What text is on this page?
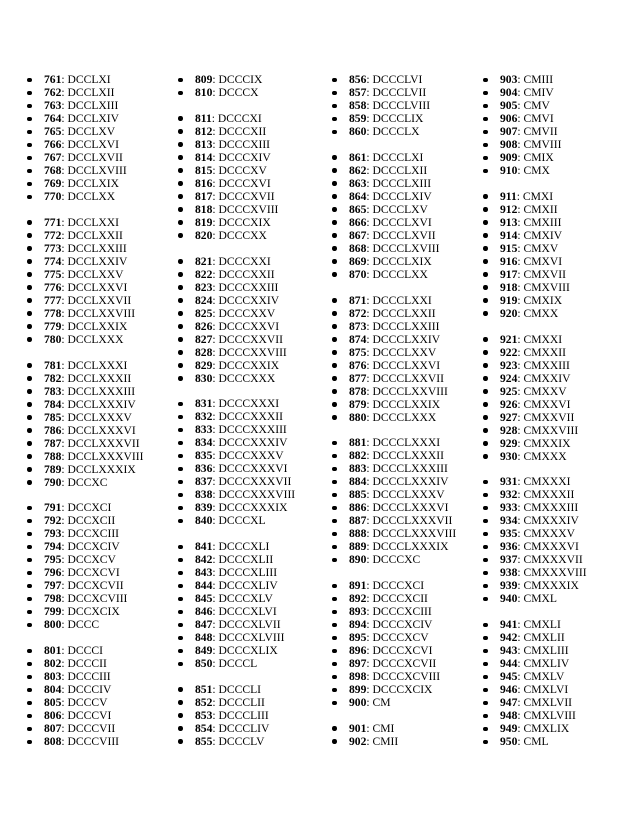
761: DCCLXI
762: DCCLXII
763: DCCLXIII
764: DCCLXIV
765: DCCLXV
766: DCCLXVI
767: DCCLXVII
768: DCCLXVIII
769: DCCLXIX
770: DCCLXX
771: DCCLXXI
772: DCCLXXII
773: DCCLXXIII
774: DCCLXXIV
775: DCCLXXV
776: DCCLXXVI
777: DCCLXXVII
778: DCCLXXVIII
779: DCCLXXIX
780: DCCLXXX
781: DCCLXXXI
782: DCCLXXXII
783: DCCLXXXIII
784: DCCLXXXIV
785: DCCLXXXV
786: DCCLXXXVI
787: DCCLXXXVII
788: DCCLXXXVIII
789: DCCLXXXIX
790: DCCXC
791: DCCXCI
792: DCCXCII
793: DCCXCIII
794: DCCXCIV
795: DCCXCV
796: DCCXCVI
797: DCCXCVII
798: DCCXCVIII
799: DCCXCIX
800: DCCC
801: DCCCI
802: DCCCII
803: DCCCIII
804: DCCCIV
805: DCCCV
806: DCCCVI
807: DCCCVII
808: DCCCVIII
809: DCCCIX
810: DCCCX
811: DCCCXI
812: DCCCXII
813: DCCCXIII
814: DCCCXIV
815: DCCCXV
816: DCCCXVI
817: DCCCXVII
818: DCCCXVIII
819: DCCCXIX
820: DCCCXX
821: DCCCXXI
822: DCCCXXII
823: DCCCXXIII
824: DCCCXXIV
825: DCCCXXV
826: DCCCXXVI
827: DCCCXXVII
828: DCCCXXVIII
829: DCCCXXIX
830: DCCCXXX
831: DCCCXXXI
832: DCCCXXXII
833: DCCCXXXIII
834: DCCCXXXIV
835: DCCCXXXV
836: DCCCXXXVI
837: DCCCXXXVII
838: DCCCXXXVIII
839: DCCCXXXIX
840: DCCCXL
841: DCCCXLI
842: DCCCXLII
843: DCCCXLIII
844: DCCCXLIV
845: DCCCXLV
846: DCCCXLVI
847: DCCCXLVII
848: DCCCXLVIII
849: DCCCXLIX
850: DCCCL
851: DCCCLI
852: DCCCLII
853: DCCCLIII
854: DCCCLIV
855: DCCCLV
856: DCCCLVI
857: DCCCLVII
858: DCCCLVIII
859: DCCCLIX
860: DCCCLX
861: DCCCLXI
862: DCCCLXII
863: DCCCLXIII
864: DCCCLXIV
865: DCCCLXV
866: DCCCLXVI
867: DCCCLXVII
868: DCCCLXVIII
869: DCCCLXIX
870: DCCCLXX
871: DCCCLXXI
872: DCCCLXXII
873: DCCCLXXIII
874: DCCCLXXIV
875: DCCCLXXV
876: DCCCLXXVI
877: DCCCLXXVII
878: DCCCLXXVIII
879: DCCCLXXIX
880: DCCCLXXX
881: DCCCLXXXI
882: DCCCLXXXII
883: DCCCLXXXIII
884: DCCCLXXXIV
885: DCCCLXXXV
886: DCCCLXXXVI
887: DCCCLXXXVII
888: DCCCLXXXVIII
889: DCCCLXXXIX
890: DCCCXC
891: DCCCXCI
892: DCCCXCII
893: DCCCXCIII
894: DCCCXCIV
895: DCCCXCV
896: DCCCXCVI
897: DCCCXCVII
898: DCCCXCVIII
899: DCCCXCIX
900: CM
901: CMI
902: CMII
903: CMIII
904: CMIV
905: CMV
906: CMVI
907: CMVII
908: CMVIII
909: CMIX
910: CMX
911: CMXI
912: CMXII
913: CMXIII
914: CMXIV
915: CMXV
916: CMXVI
917: CMXVII
918: CMXVIII
919: CMXIX
920: CMXX
921: CMXXI
922: CMXXII
923: CMXXIII
924: CMXXIV
925: CMXXV
926: CMXXVI
927: CMXXVII
928: CMXXVIII
929: CMXXIX
930: CMXXX
931: CMXXXI
932: CMXXXII
933: CMXXXIII
934: CMXXXIV
935: CMXXXV
936: CMXXXVI
937: CMXXXVII
938: CMXXXVIII
939: CMXXXIX
940: CMXL
941: CMXLI
942: CMXLII
943: CMXLIII
944: CMXLIV
945: CMXLV
946: CMXLVI
947: CMXLVII
948: CMXLVIII
949: CMXLIX
950: CML
